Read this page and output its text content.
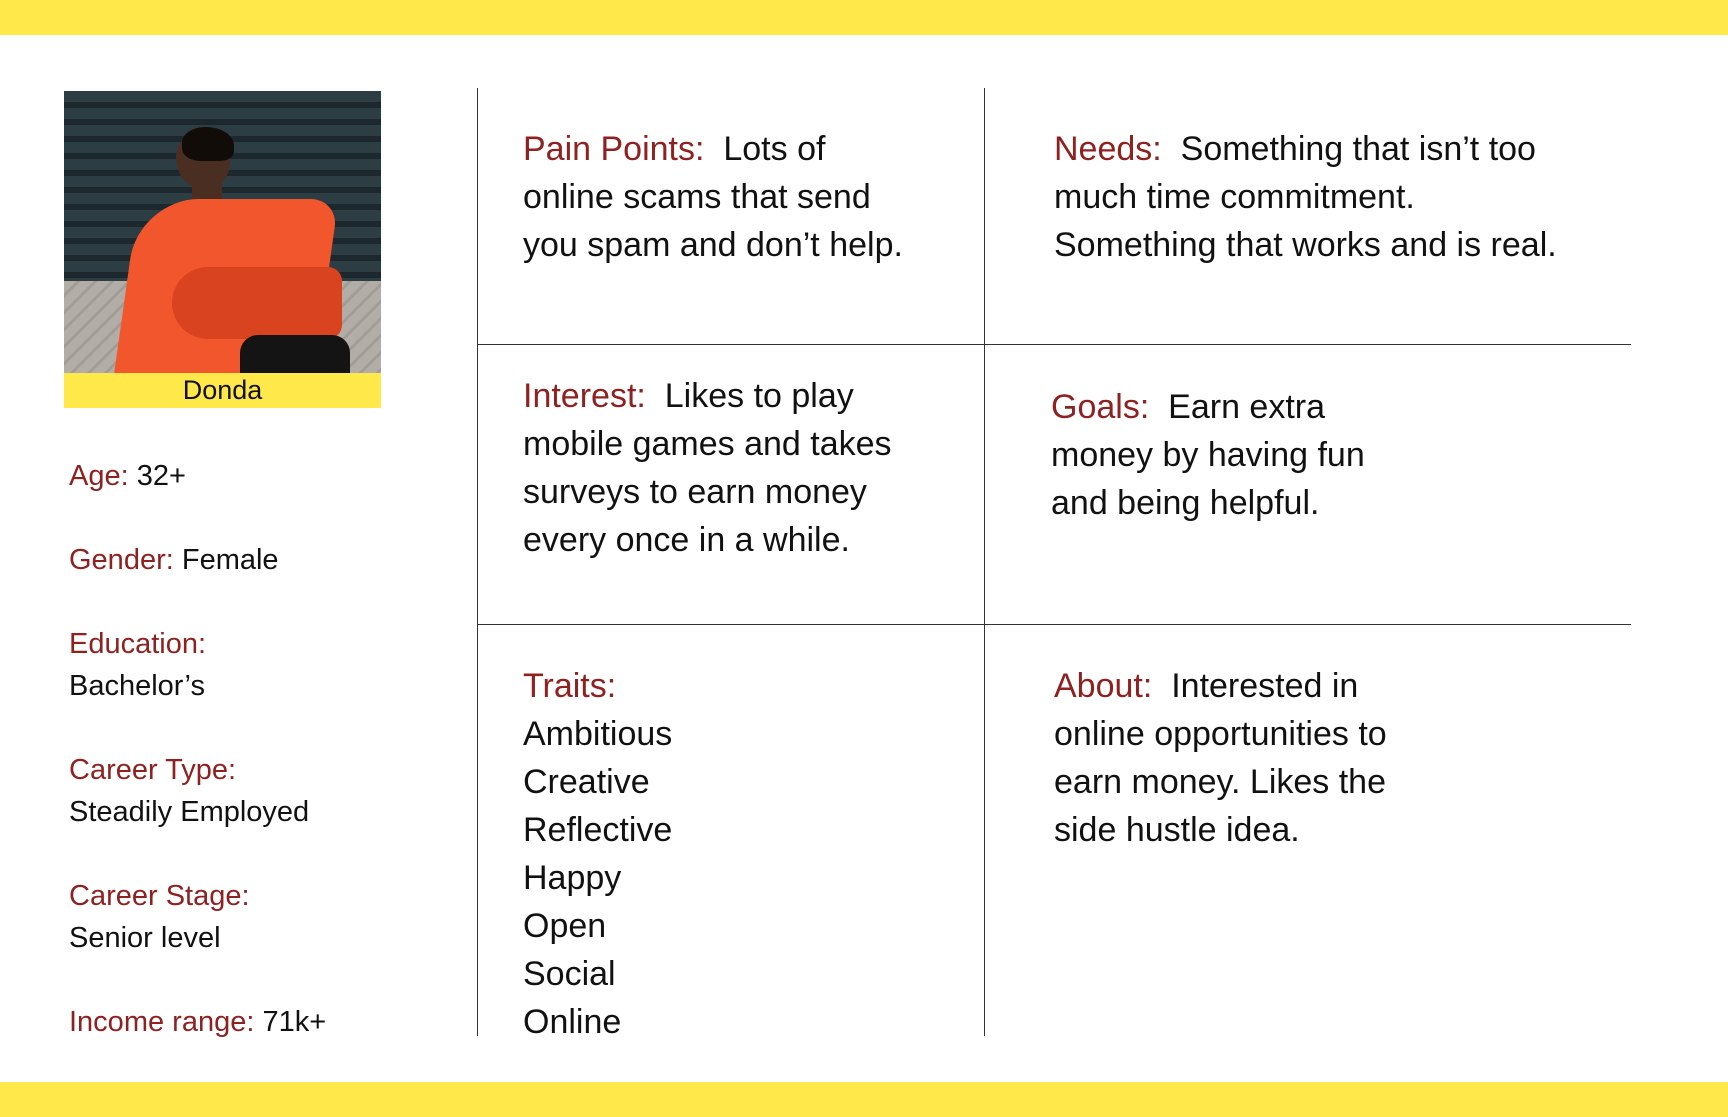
Donda
Age: 32+
Gender: Female
Education:
Bachelor’s
Career Type:
Steadily Employed
Career Stage:
Senior level
Income range: 71k+
Pain Points: Lots of
online scams that send
you spam and don’t help.
Needs: Something that isn’t too
much time commitment.
Something that works and is real.
Interest: Likes to play
mobile games and takes
surveys to earn money
every once in a while.
Goals: Earn extra
money by having fun
and being helpful.
Traits:
Ambitious
Creative
Reflective
Happy
Open
Social
Online
About: Interested in
online opportunities to
earn money. Likes the
side hustle idea.
